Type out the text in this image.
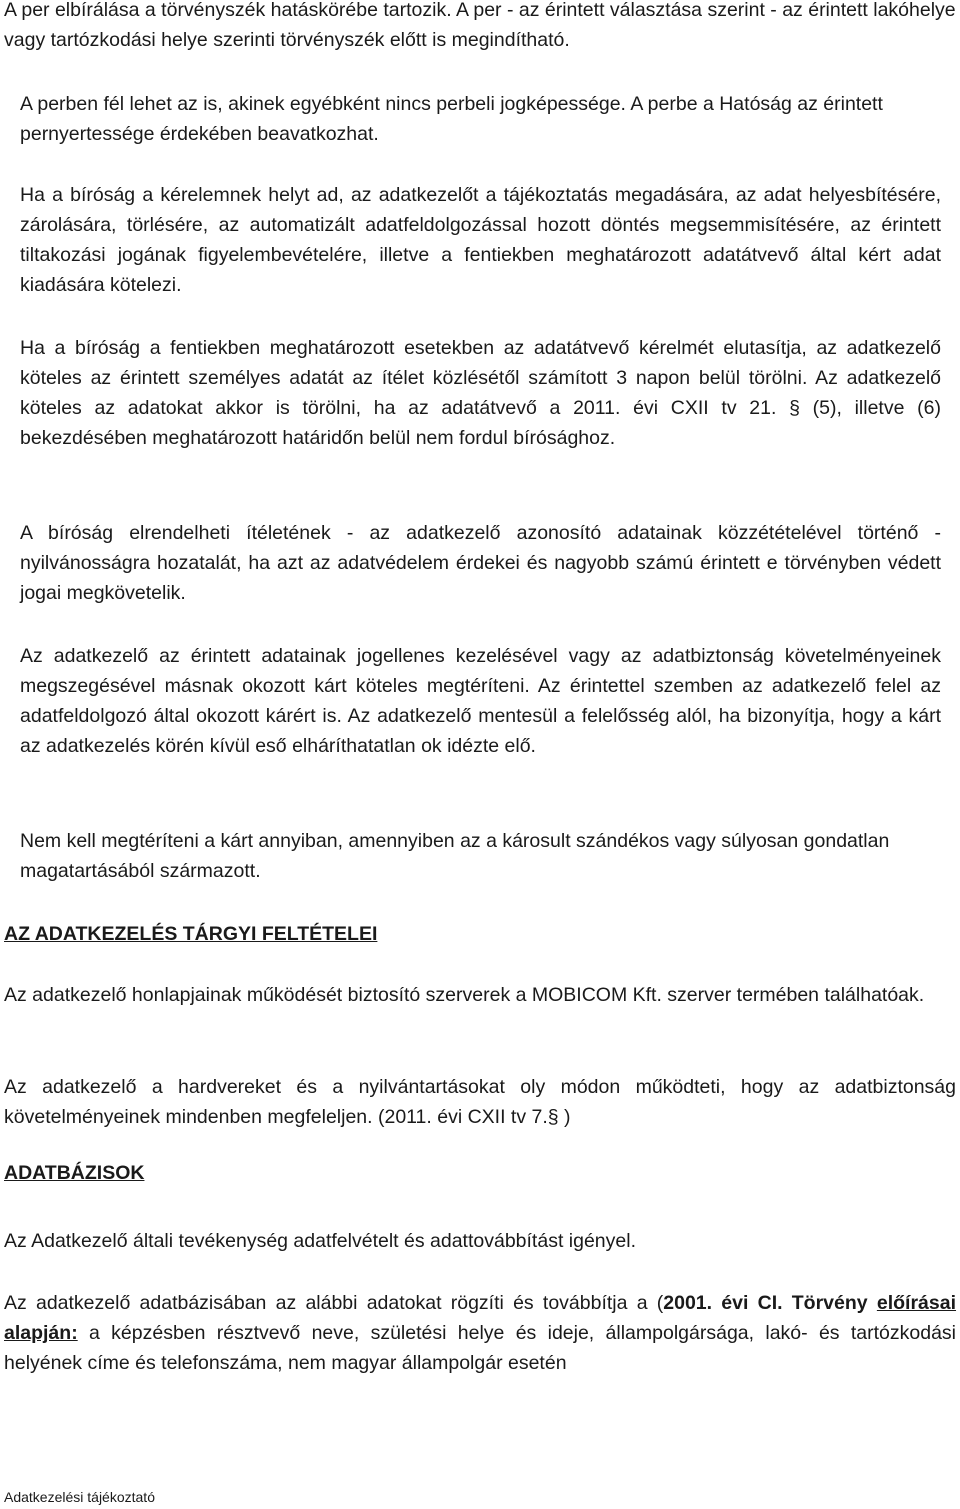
A per elbírálása a törvényszék hatáskörébe tartozik. A per - az érintett választása szerint - az érintett lakóhelye vagy tartózkodási helye szerinti törvényszék előtt is megindítható.

A perben fél lehet az is, akinek egyébként nincs perbeli jogképessége. A perbe a Hatóság az érintett pernyertessége érdekében beavatkozhat.

Ha a bíróság a kérelemnek helyt ad, az adatkezelőt a tájékoztatás megadására, az adat helyesbítésére, zárolására, törlésére, az automatizált adatfeldolgozással hozott döntés megsemmisítésére, az érintett tiltakozási jogának figyelembevételére, illetve a fentiekben meghatározott adatátvevő által kért adat kiadására kötelezi.

Ha a bíróság a fentiekben meghatározott esetekben az adatátvevő kérelmét elutasítja, az adatkezelő köteles az érintett személyes adatát az ítélet közlésétől számított 3 napon belül törölni. Az adatkezelő köteles az adatokat akkor is törölni, ha az adatátvevő a 2011. évi CXII tv 21. § (5), illetve (6) bekezdésében meghatározott határidőn belül nem fordul bírósághoz.

A bíróság elrendelheti ítéletének - az adatkezelő azonosító adatainak közzétételével történő - nyilvánosságra hozatalát, ha azt az adatvédelem érdekei és nagyobb számú érintett e törvényben védett jogai megkövetelik.

Az adatkezelő az érintett adatainak jogellenes kezelésével vagy az adatbiztonság követelményeinek megszegésével másnak okozott kárt köteles megtéríteni. Az érintettel szemben az adatkezelő felel az adatfeldolgozó által okozott kárért is. Az adatkezelő mentesül a felelősség alól, ha bizonyítja, hogy a kárt az adatkezelés körén kívül eső elháríthatatlan ok idézte elő.

Nem kell megtéríteni a kárt annyiban, amennyiben az a károsult szándékos vagy súlyosan gondatlan magatartásából származott.

AZ ADATKEZELÉS TÁRGYI FELTÉTELEI

Az adatkezelő honlapjainak működését biztosító szerverek a MOBICOM Kft. szerver termében találhatóak.

Az adatkezelő a hardvereket és a nyilvántartásokat oly módon működteti, hogy az adatbiztonság követelményeinek mindenben megfeleljen. (2011. évi CXII tv 7.§ )

ADATBÁZISOK

Az Adatkezelő általi tevékenység adatfelvételt és adattovábbítást igényel.

Az adatkezelő adatbázisában az alábbi adatokat rögzíti és továbbítja a (2001. évi CI. Törvény előírásai alapján: a képzésben résztvevő neve, születési helye és ideje, állampolgársága, lakó- és tartózkodási helyének címe és telefonszáma, nem magyar állampolgár esetén

Adatkezelési tájékoztató
